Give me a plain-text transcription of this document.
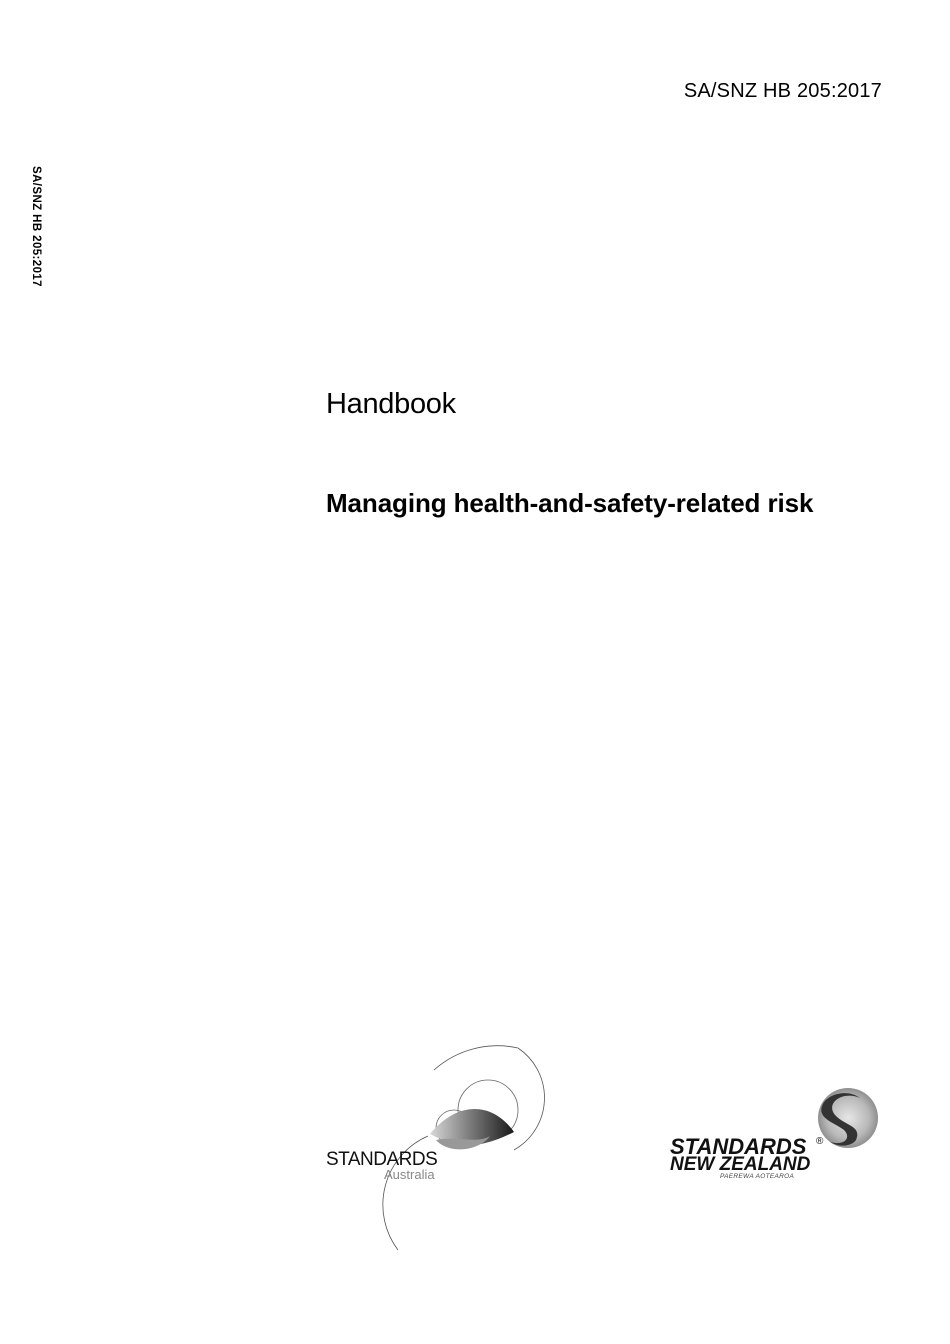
SA/SNZ HB 205:2017
SA/SNZ HB 205:2017
Handbook
Managing health-and-safety-related risk
STANDARDS
Australia
STANDARDS ®
NEW ZEALAND
PAEREWA AOTEAROA
